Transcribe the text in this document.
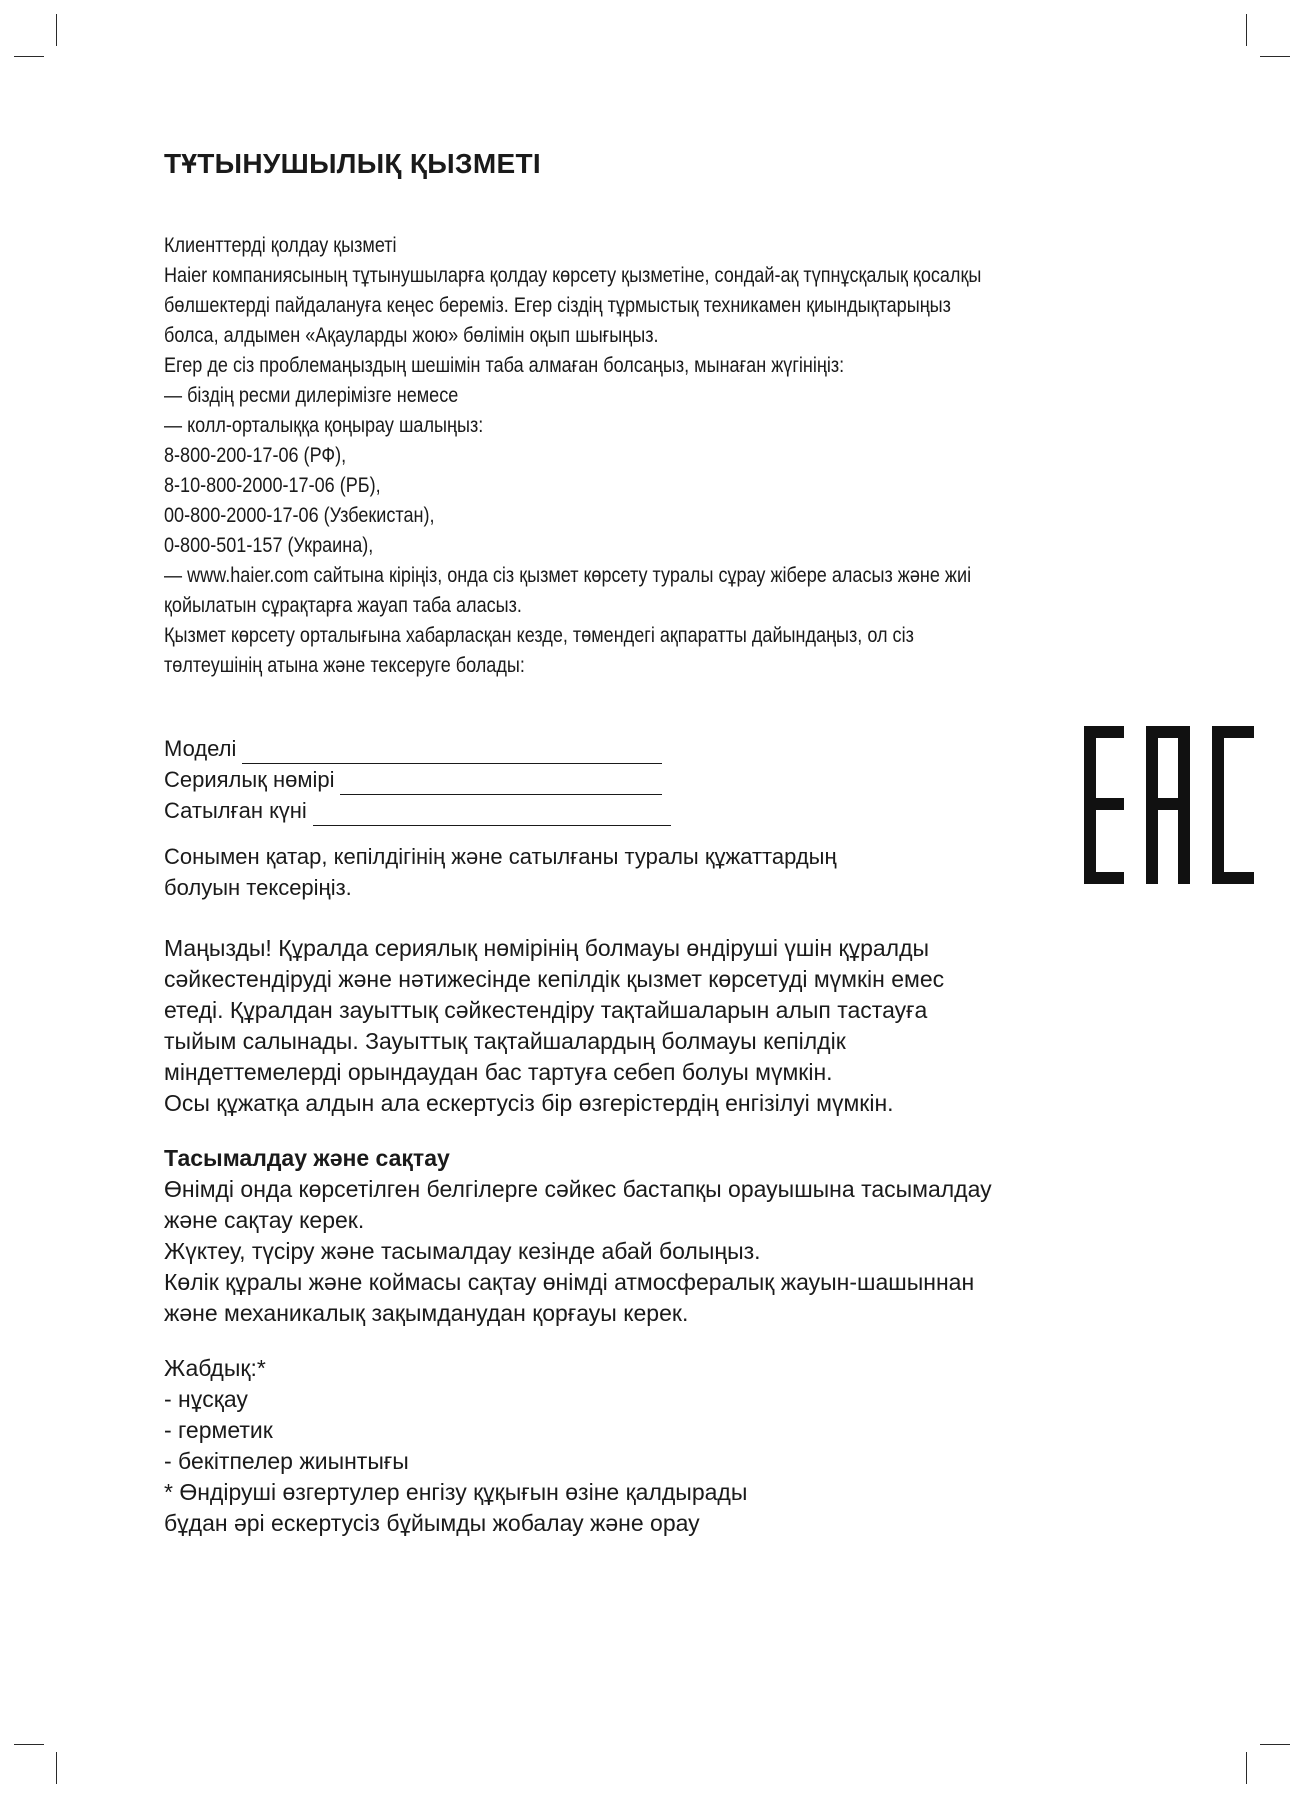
ТҰТЫНУШЫЛЫҚ ҚЫЗМЕТІ

Клиенттерді қолдау қызметі

Haier компаниясының тұтынушыларға қолдау көрсету қызметіне, сондай-ақ түпнұсқалық қосалқы

бөлшектерді пайдалануға кеңес береміз. Егер сіздің тұрмыстық техникамен қиындықтарыңыз

болса, алдымен «Ақауларды жою» бөлімін оқып шығыңыз.

Егер де сіз проблемаңыздың шешімін таба алмаған болсаңыз, мынаған жүгініңіз:

— біздің ресми дилерімізге немесе

— колл-орталыққа қоңырау шалыңыз:

8-800-200-17-06 (РФ),

8-10-800-2000-17-06 (РБ),

00-800-2000-17-06 (Узбекистан),

0-800-501-157 (Украина),

— www.haier.com сайтына кіріңіз, онда сіз қызмет көрсету туралы сұрау жібере аласыз және жиі

қойылатын сұрақтарға жауап таба аласыз.

Қызмет көрсету орталығына хабарласқан кезде, төмендегі ақпаратты дайындаңыз, ол сіз

төлтеушінің атына және тексеруге болады:

Моделі
Сериялық нөмірі
Сатылған күні

Сонымен қатар, кепілдігінің және сатылғаны туралы құжаттардың

болуын тексеріңіз.

Маңызды! Құралда сериялық нөмірінің болмауы өндіруші үшін құралды

сәйкестендіруді және нәтижесінде кепілдік қызмет көрсетуді мүмкін емес

етеді. Құралдан зауыттық сәйкестендіру тақтайшаларын алып тастауға

тыйым салынады. Зауыттық тақтайшалардың болмауы кепілдік

міндеттемелерді орындаудан бас тартуға себеп болуы мүмкін.

Осы құжатқа алдын ала ескертусіз бір өзгерістердің енгізілуі мүмкін.

Тасымалдау және сақтау

Өнімді онда көрсетілген белгілерге сәйкес бастапқы орауышына тасымалдау

және сақтау керек.

Жүктеу, түсіру және тасымалдау кезінде абай болыңыз.

Көлік құралы және коймасы сақтау өнімді атмосфералық жауын-шашыннан

және механикалық зақымданудан қорғауы керек.

Жабдық:*

- нұсқау

- герметик

- бекітпелер жиынтығы

* Өндіруші өзгертулер енгізу құқығын өзіне қалдырады

бұдан әрі ескертусіз бұйымды жобалау және орау
